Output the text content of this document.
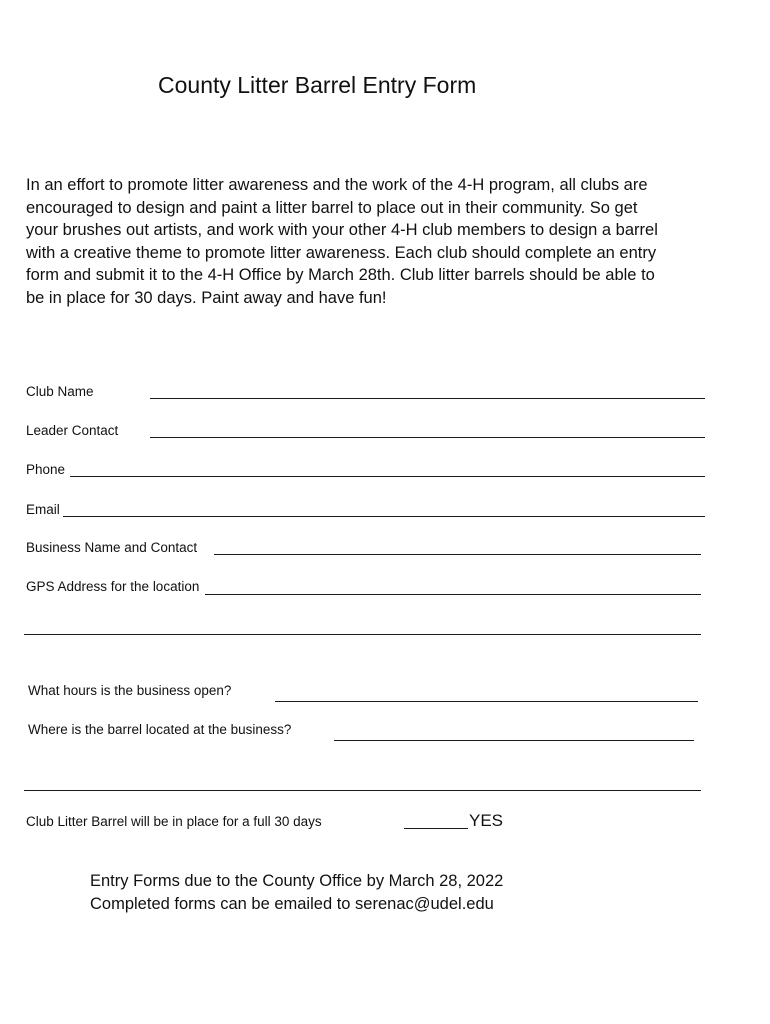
County Litter Barrel Entry Form
In an effort to promote litter awareness and the work of the 4-H program, all clubs are
encouraged to design and paint a litter barrel to place out in their community. So get
your brushes out artists, and work with your other 4-H club members to design a barrel
with a creative theme to promote litter awareness. Each club should complete an entry
form and submit it to the 4-H Office by March 28th. Club litter barrels should be able to
be in place for 30 days. Paint away and have fun!
Club Name
Leader Contact
Phone
Email
Business Name and Contact
GPS Address for the location
What hours is the business open?
Where is the barrel located at the business?
Club Litter Barrel will be in place for a full 30 days	YES
Entry Forms due to the County Office by March 28, 2022
Completed forms can be emailed to serenac@udel.edu
